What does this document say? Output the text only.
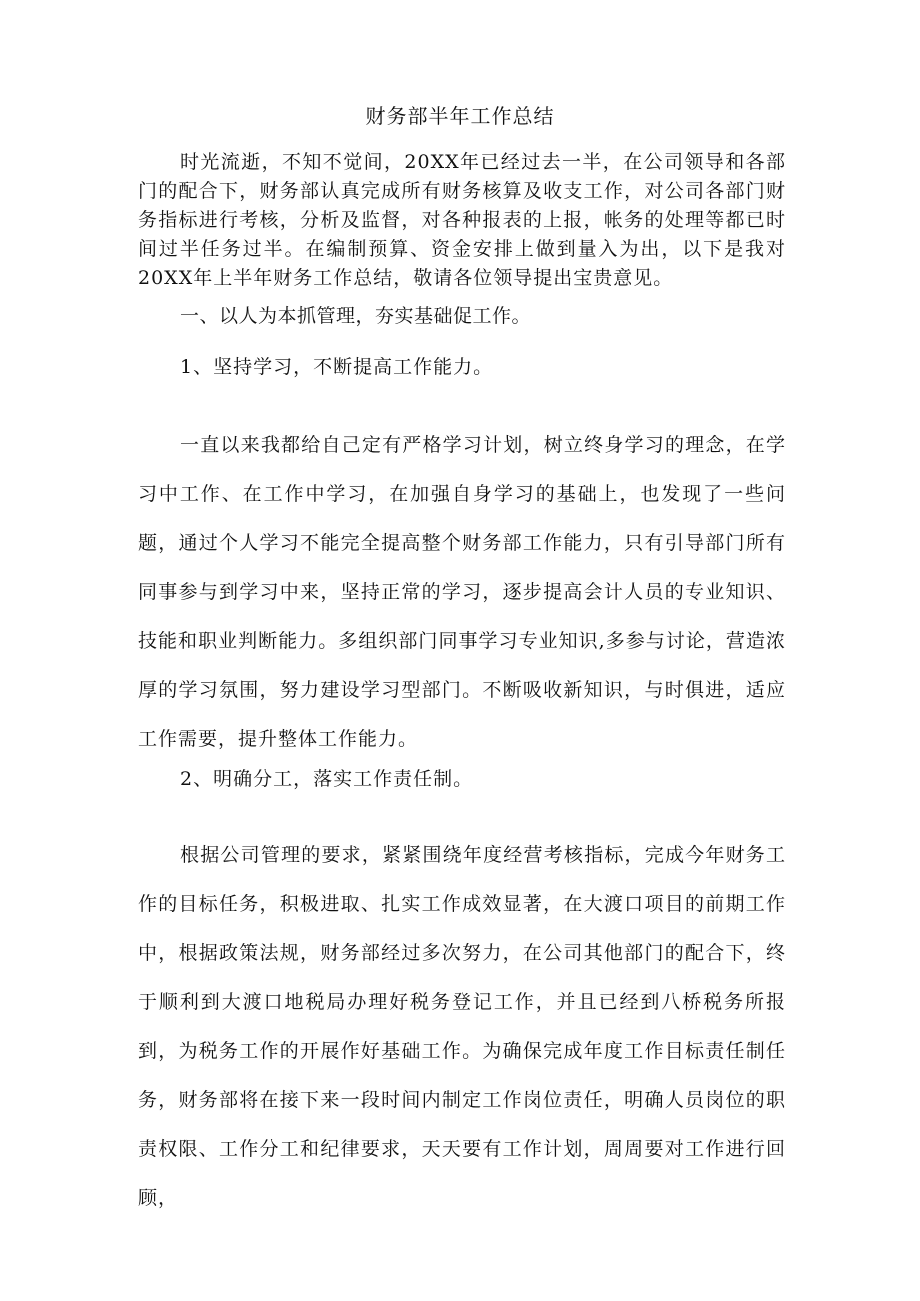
财务部半年工作总结

时光流逝，不知不觉间，20XX年已经过去一半，在公司领导和各部门的配合下，财务部认真完成所有财务核算及收支工作，对公司各部门财务指标进行考核，分析及监督，对各种报表的上报，帐务的处理等都已时间过半任务过半。在编制预算、资金安排上做到量入为出，以下是我对20XX年上半年财务工作总结，敬请各位领导提出宝贵意见。

一、以人为本抓管理，夯实基础促工作。
1、坚持学习，不断提高工作能力。

一直以来我都给自己定有严格学习计划，树立终身学习的理念，在学习中工作、在工作中学习，在加强自身学习的基础上，也发现了一些问题，通过个人学习不能完全提高整个财务部工作能力，只有引导部门所有同事参与到学习中来，坚持正常的学习，逐步提高会计人员的专业知识、技能和职业判断能力。多组织部门同事学习专业知识,多参与讨论，营造浓厚的学习氛围，努力建设学习型部门。不断吸收新知识，与时俱进，适应工作需要，提升整体工作能力。

2、明确分工，落实工作责任制。

根据公司管理的要求，紧紧围绕年度经营考核指标，完成今年财务工作的目标任务，积极进取、扎实工作成效显著，在大渡口项目的前期工作中，根据政策法规，财务部经过多次努力，在公司其他部门的配合下，终于顺利到大渡口地税局办理好税务登记工作，并且已经到八桥税务所报到，为税务工作的开展作好基础工作。为确保完成年度工作目标责任制任务，财务部将在接下来一段时间内制定工作岗位责任，明确人员岗位的职责权限、工作分工和纪律要求，天天要有工作计划，周周要对工作进行回顾，
